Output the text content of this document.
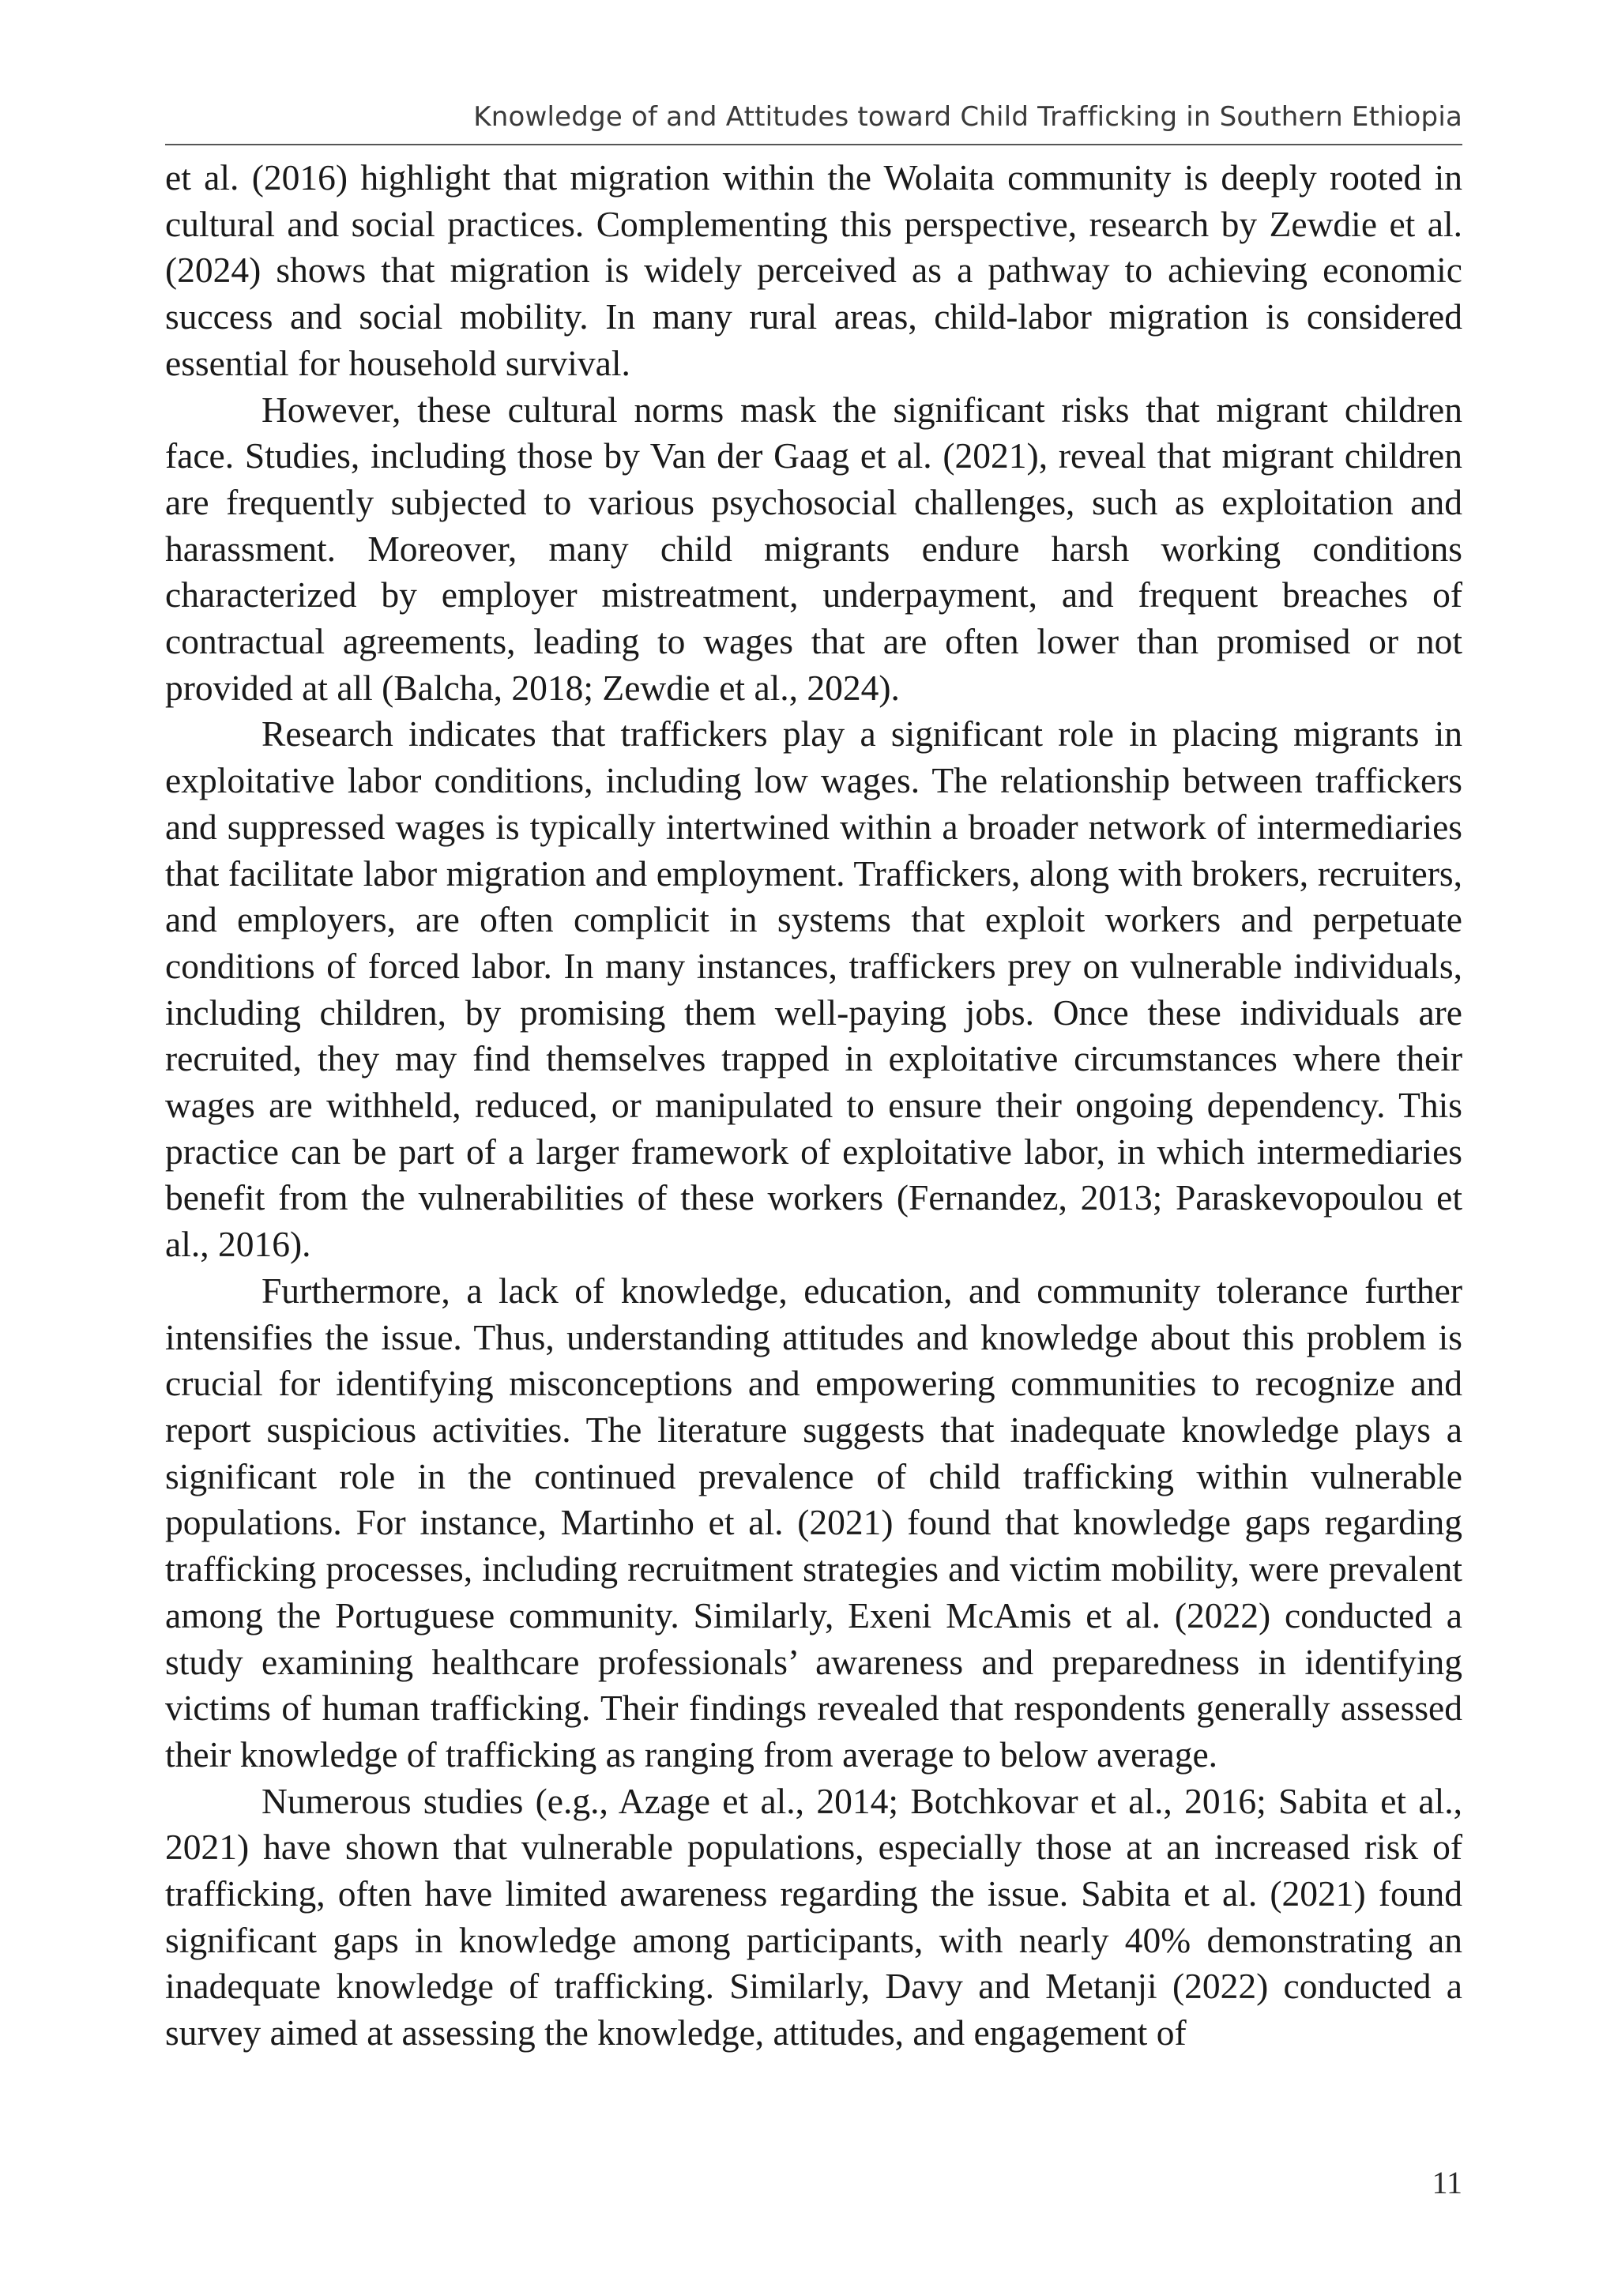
Knowledge of and Attitudes toward Child Trafficking in Southern Ethiopia

et al. (2016) highlight that migration within the Wolaita community is deeply rooted in cultural and social practices. Complementing this perspective, research by Zewdie et al. (2024) shows that migration is widely perceived as a pathway to achieving economic success and social mobility. In many rural areas, child-labor migration is considered essential for household survival.

However, these cultural norms mask the significant risks that migrant children face. Studies, including those by Van der Gaag et al. (2021), reveal that migrant children are frequently subjected to various psychosocial challenges, such as exploitation and harassment. Moreover, many child migrants endure harsh working conditions characterized by employer mistreatment, underpayment, and frequent breaches of contractual agreements, leading to wages that are often lower than promised or not provided at all (Balcha, 2018; Zewdie et al., 2024).

Research indicates that traffickers play a significant role in placing migrants in exploitative labor conditions, including low wages. The relationship between traffickers and suppressed wages is typically intertwined within a broader network of intermediaries that facilitate labor migration and employment. Traffickers, along with brokers, recruiters, and employers, are often complicit in systems that exploit workers and perpetuate conditions of forced labor. In many instances, traffickers prey on vulnerable individuals, including children, by promising them well-paying jobs. Once these individuals are recruited, they may find themselves trapped in exploitative circumstances where their wages are withheld, reduced, or manipulated to ensure their ongoing dependency. This practice can be part of a larger framework of exploitative labor, in which intermediaries benefit from the vulnerabilities of these workers (Fernandez, 2013; Paraskevopoulou et al., 2016).

Furthermore, a lack of knowledge, education, and community tolerance further intensifies the issue. Thus, understanding attitudes and knowledge about this problem is crucial for identifying misconceptions and empowering communities to recognize and report suspicious activities. The literature suggests that inadequate knowledge plays a significant role in the continued prevalence of child trafficking within vulnerable populations. For instance, Martinho et al. (2021) found that knowledge gaps regarding trafficking processes, including recruitment strategies and victim mobility, were prevalent among the Portuguese community. Similarly, Exeni McAmis et al. (2022) conducted a study examining healthcare professionals’ awareness and preparedness in identifying victims of human trafficking. Their findings revealed that respondents generally assessed their knowledge of trafficking as ranging from average to below average.

Numerous studies (e.g., Azage et al., 2014; Botchkovar et al., 2016; Sabita et al., 2021) have shown that vulnerable populations, especially those at an increased risk of trafficking, often have limited awareness regarding the issue. Sabita et al. (2021) found significant gaps in knowledge among participants, with nearly 40% demonstrating an inadequate knowledge of trafficking. Similarly, Davy and Metanji (2022) conducted a survey aimed at assessing the knowledge, attitudes, and engagement of

11
